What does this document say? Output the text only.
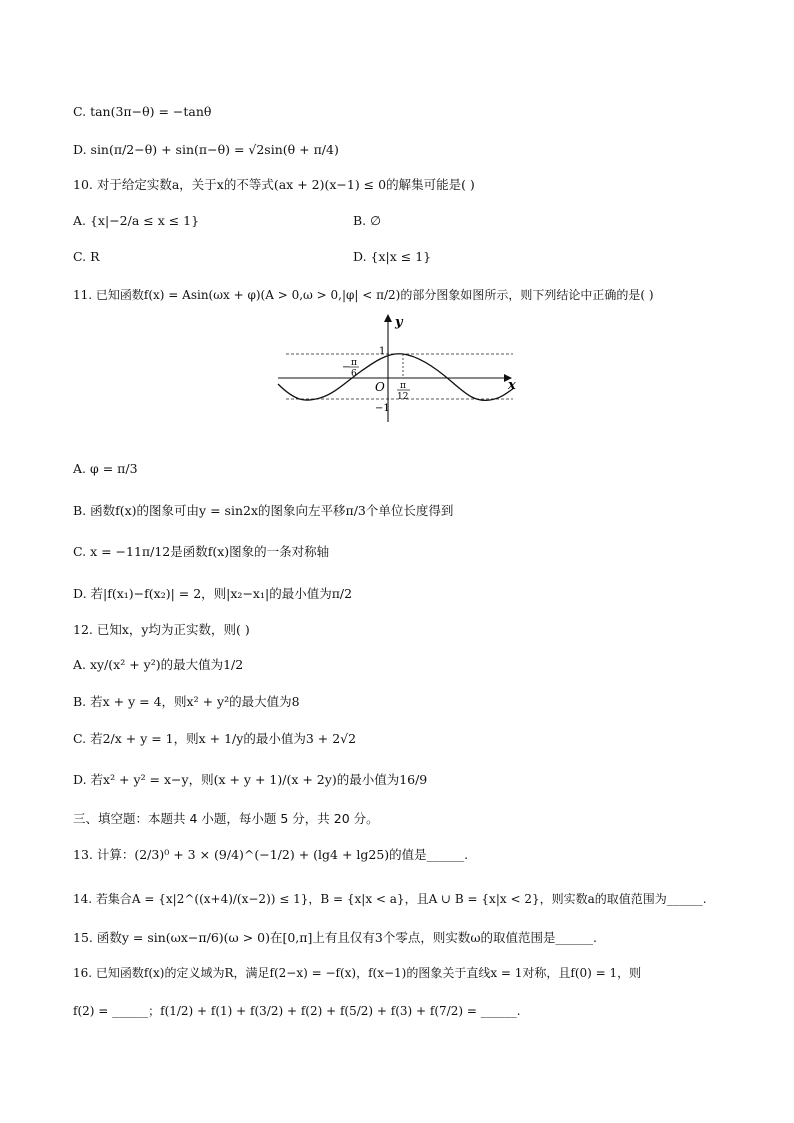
C. tan(3π−θ) = −tanθ
D. sin(π/2−θ) + sin(π−θ) = √2sin(θ + π/4)
10. 对于给定实数a，关于x的不等式(ax + 2)(x−1) ≤ 0的解集可能是( )
A. {x|−2/a ≤ x ≤ 1}	B. ∅
C. R	D. {x|x ≤ 1}
11. 已知函数f(x) = Asin(ωx + φ)(A > 0,ω > 0,|φ| < π/2)的部分图象如图所示，则下列结论中正确的是( )
y
x
O
1
−1
− π
6
π
12
A. φ = π/3
B. 函数f(x)的图象可由y = sin2x的图象向左平移π/3个单位长度得到
C. x = −11π/12是函数f(x)图象的一条对称轴
D. 若|f(x₁)−f(x₂)| = 2，则|x₂−x₁|的最小值为π/2
12. 已知x，y均为正实数，则( )
A. xy/(x² + y²)的最大值为1/2
B. 若x + y = 4，则x² + y²的最大值为8
C. 若2/x + y = 1，则x + 1/y的最小值为3 + 2√2
D. 若x² + y² = x−y，则(x + y + 1)/(x + 2y)的最小值为16/9
三、填空题：本题共 4 小题，每小题 5 分，共 20 分。
13. 计算：(2/3)⁰ + 3 × (9/4)^(−1/2) + (lg4 + lg25)的值是______.
14. 若集合A = {x|2^((x+4)/(x−2)) ≤ 1}，B = {x|x < a}，且A ∪ B = {x|x < 2}，则实数a的取值范围为______.
15. 函数y = sin(ωx−π/6)(ω > 0)在[0,π]上有且仅有3个零点，则实数ω的取值范围是______.
16. 已知函数f(x)的定义域为R，满足f(2−x) = −f(x)，f(x−1)的图象关于直线x = 1对称，且f(0) = 1，则
f(2) = ______；f(1/2) + f(1) + f(3/2) + f(2) + f(5/2) + f(3) + f(7/2) = ______.
